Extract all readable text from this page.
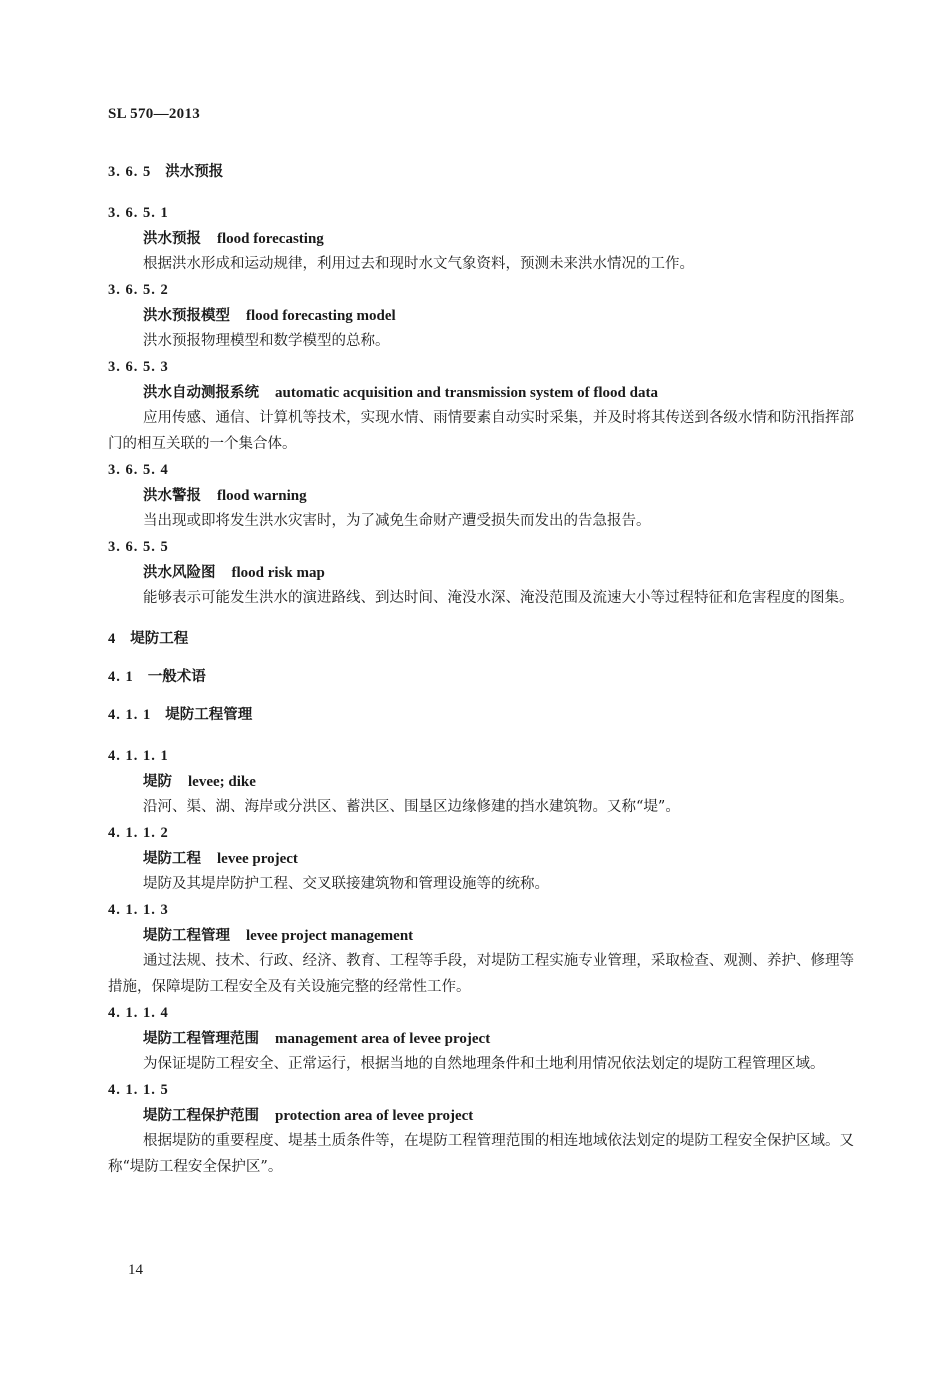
SL 570—2013
3. 6. 5 洪水预报
3. 6. 5. 1
洪水预报 flood forecasting
根据洪水形成和运动规律，利用过去和现时水文气象资料，预测未来洪水情况的工作。
3. 6. 5. 2
洪水预报模型 flood forecasting model
洪水预报物理模型和数学模型的总称。
3. 6. 5. 3
洪水自动测报系统 automatic acquisition and transmission system of flood data
应用传感、通信、计算机等技术，实现水情、雨情要素自动实时采集，并及时将其传送到各级水情和防汛指挥部门的相互关联的一个集合体。
3. 6. 5. 4
洪水警报 flood warning
当出现或即将发生洪水灾害时，为了减免生命财产遭受损失而发出的告急报告。
3. 6. 5. 5
洪水风险图 flood risk map
能够表示可能发生洪水的演进路线、到达时间、淹没水深、淹没范围及流速大小等过程特征和危害程度的图集。
4 堤防工程
4. 1 一般术语
4. 1. 1 堤防工程管理
4. 1. 1. 1
堤防 levee; dike
沿河、渠、湖、海岸或分洪区、蓄洪区、围垦区边缘修建的挡水建筑物。又称“堤”。
4. 1. 1. 2
堤防工程 levee project
堤防及其堤岸防护工程、交叉联接建筑物和管理设施等的统称。
4. 1. 1. 3
堤防工程管理 levee project management
通过法规、技术、行政、经济、教育、工程等手段，对堤防工程实施专业管理，采取检查、观测、养护、修理等措施，保障堤防工程安全及有关设施完整的经常性工作。
4. 1. 1. 4
堤防工程管理范围 management area of levee project
为保证堤防工程安全、正常运行，根据当地的自然地理条件和土地利用情况依法划定的堤防工程管理区域。
4. 1. 1. 5
堤防工程保护范围 protection area of levee project
根据堤防的重要程度、堤基土质条件等，在堤防工程管理范围的相连地域依法划定的堤防工程安全保护区域。又称“堤防工程安全保护区”。
14
